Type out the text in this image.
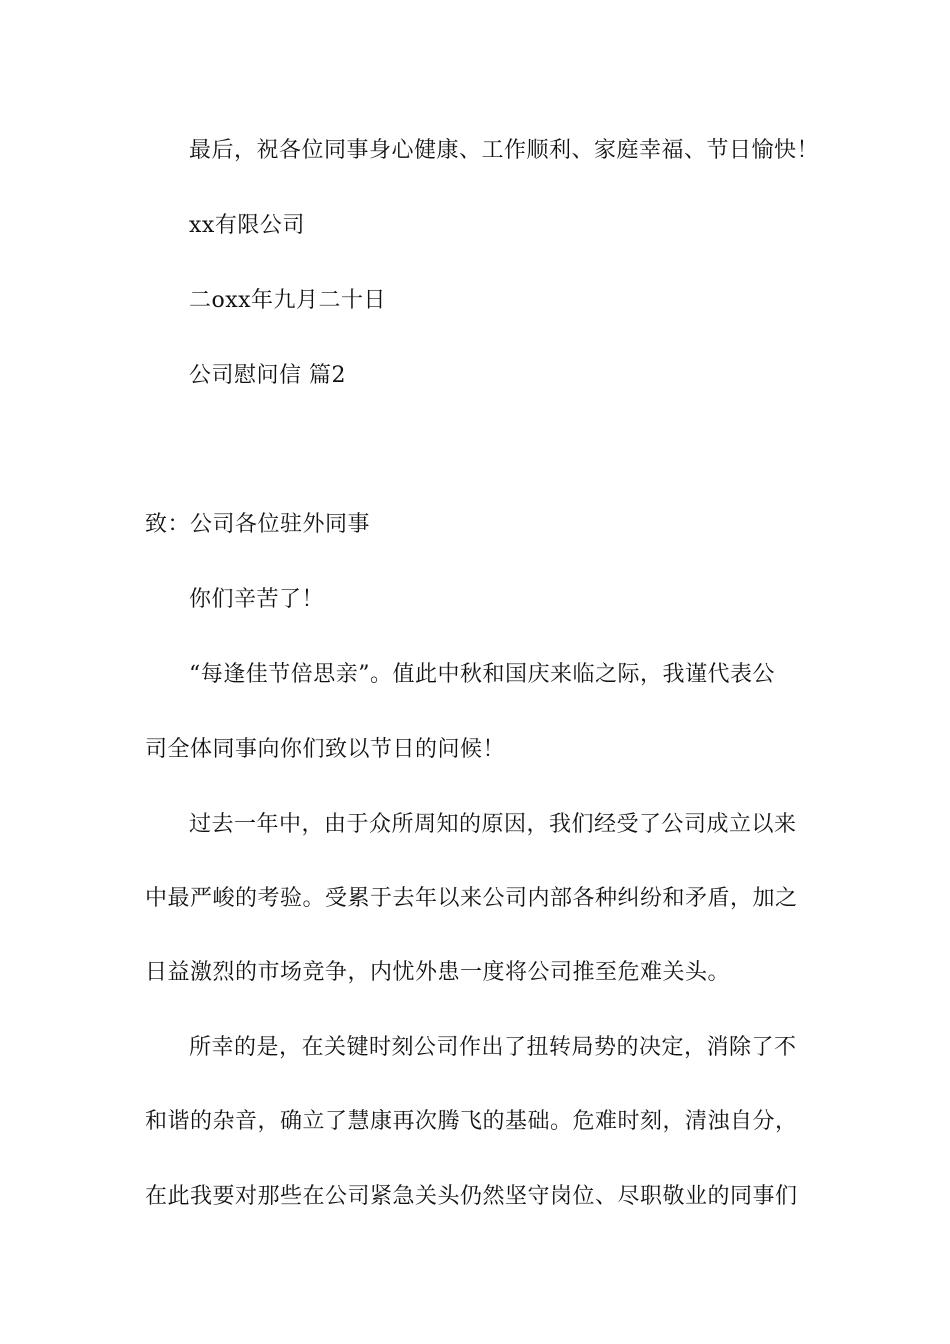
最后，祝各位同事身心健康、工作顺利、家庭幸福、节日愉快！
xx有限公司
二oxx年九月二十日
公司慰问信 篇2
致：公司各位驻外同事
你们辛苦了！
“每逢佳节倍思亲”。值此中秋和国庆来临之际，我谨代表公
司全体同事向你们致以节日的问候！
过去一年中，由于众所周知的原因，我们经受了公司成立以来
中最严峻的考验。受累于去年以来公司内部各种纠纷和矛盾，加之
日益激烈的市场竞争，内忧外患一度将公司推至危难关头。
所幸的是，在关键时刻公司作出了扭转局势的决定，消除了不
和谐的杂音，确立了慧康再次腾飞的基础。危难时刻，清浊自分，
在此我要对那些在公司紧急关头仍然坚守岗位、尽职敬业的同事们
